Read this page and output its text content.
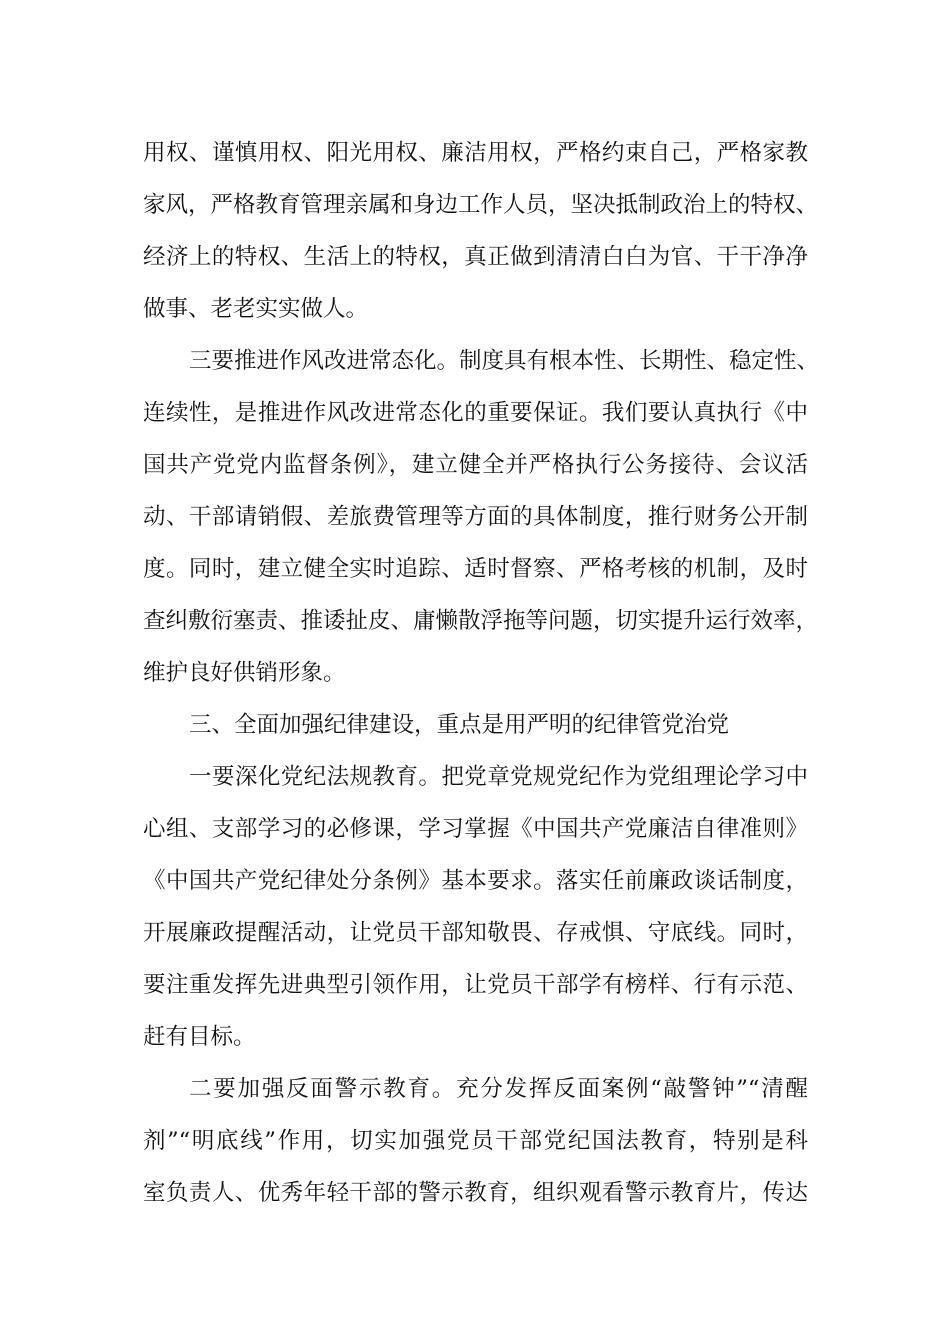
用权、谨慎用权、阳光用权、廉洁用权，严格约束自己，严格家教
家风，严格教育管理亲属和身边工作人员，坚决抵制政治上的特权、
经济上的特权、生活上的特权，真正做到清清白白为官、干干净净
做事、老老实实做人。
三要推进作风改进常态化。制度具有根本性、长期性、稳定性、
连续性，是推进作风改进常态化的重要保证。我们要认真执行《中
国共产党党内监督条例》，建立健全并严格执行公务接待、会议活
动、干部请销假、差旅费管理等方面的具体制度，推行财务公开制
度。同时，建立健全实时追踪、适时督察、严格考核的机制，及时
查纠敷衍塞责、推诿扯皮、庸懒散浮拖等问题，切实提升运行效率，
维护良好供销形象。
三、全面加强纪律建设，重点是用严明的纪律管党治党
一要深化党纪法规教育。把党章党规党纪作为党组理论学习中
心组、支部学习的必修课，学习掌握《中国共产党廉洁自律准则》
《中国共产党纪律处分条例》基本要求。落实任前廉政谈话制度，
开展廉政提醒活动，让党员干部知敬畏、存戒惧、守底线。同时，
要注重发挥先进典型引领作用，让党员干部学有榜样、行有示范、
赶有目标。
二要加强反面警示教育。充分发挥反面案例“敲警钟”“清醒
剂”“明底线”作用，切实加强党员干部党纪国法教育，特别是科
室负责人、优秀年轻干部的警示教育，组织观看警示教育片，传达
